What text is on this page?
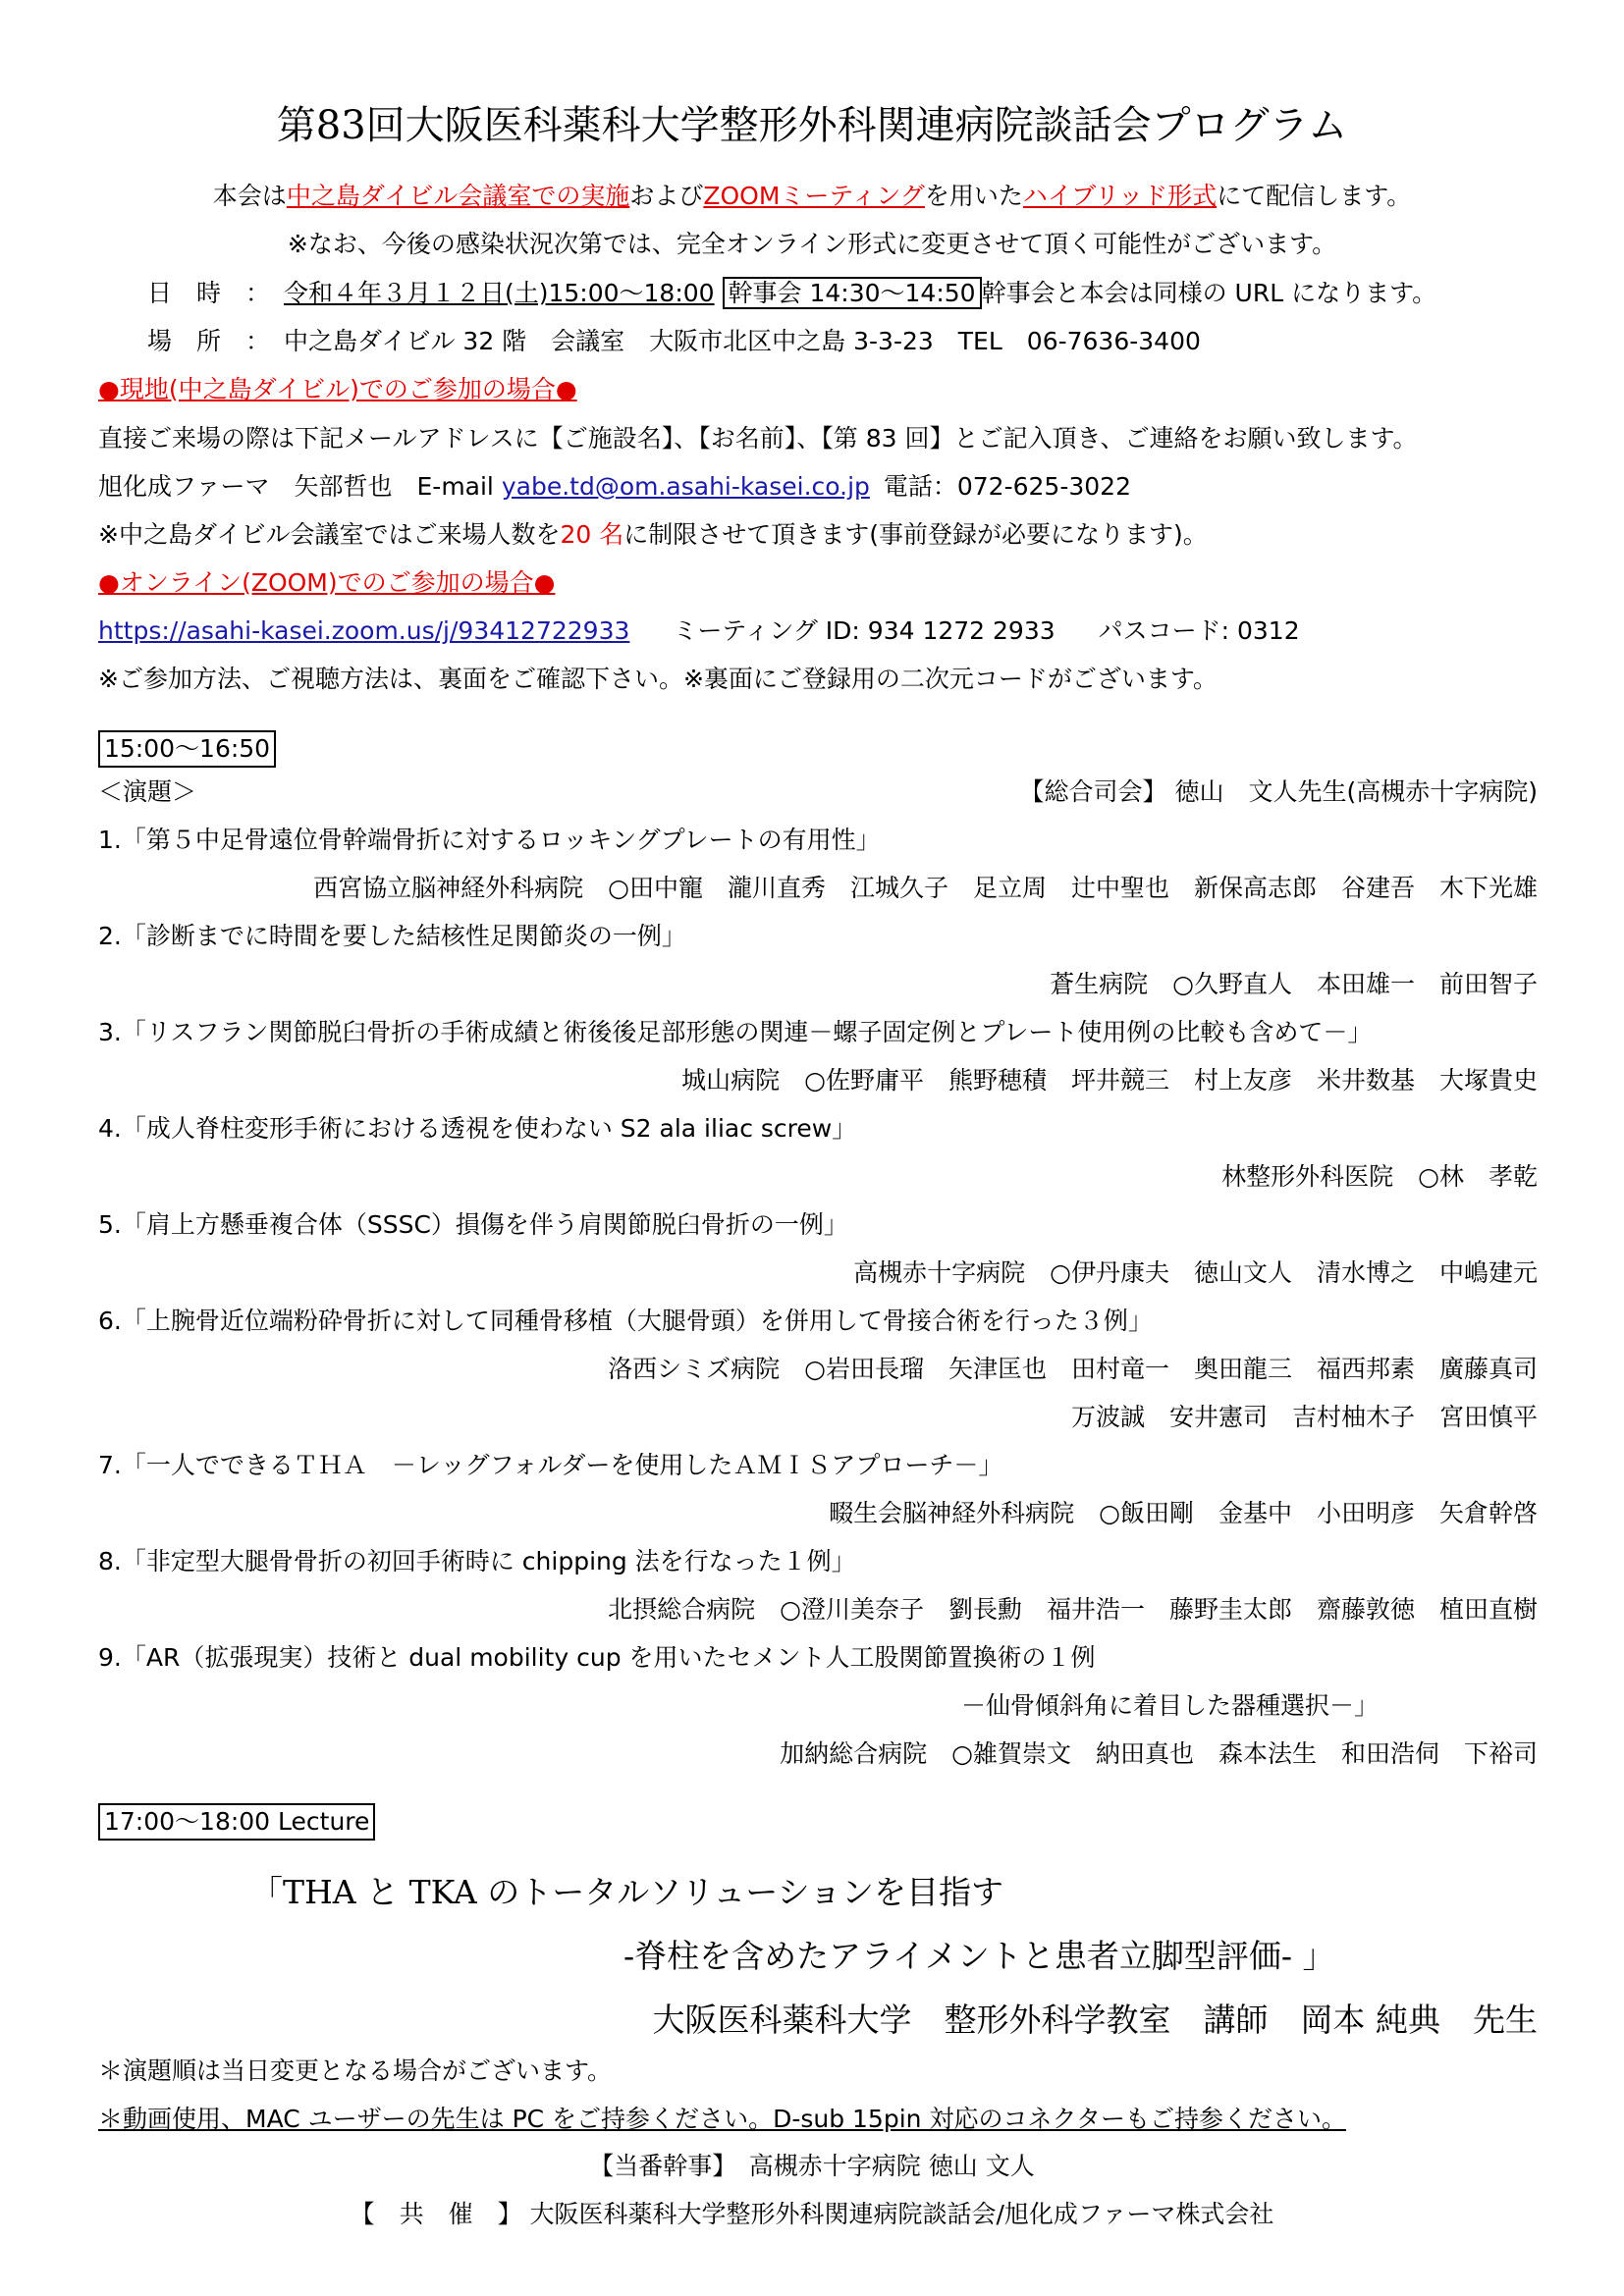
第83回大阪医科薬科大学整形外科関連病院談話会プログラム
本会は中之島ダイビル会議室での実施およびZOOMミーティングを用いたハイブリッド形式にて配信します。
※なお、今後の感染状況次第では、完全オンライン形式に変更させて頂く可能性がございます。
日　時　： 令和４年３月１２日(土)15:00〜18:00 幹事会 14:30〜14:50 幹事会と本会は同様の URL になります。
場　所　： 中之島ダイビル 32 階　会議室　大阪市北区中之島 3-3-23　TEL　06-7636-3400
●現地(中之島ダイビル)でのご参加の場合●
直接ご来場の際は下記メールアドレスに【ご施設名】、【お名前】、【第 83 回】とご記入頂き、ご連絡をお願い致します。
旭化成ファーマ　矢部哲也　E-mail yabe.td@om.asahi-kasei.co.jp 電話：072-625-3022
※中之島ダイビル会議室ではご来場人数を20 名に制限させて頂きます(事前登録が必要になります)。
●オンライン(ZOOM)でのご参加の場合●
https://asahi-kasei.zoom.us/j/93412722933 ミーティング ID: 934 1272 2933 パスコード: 0312
※ご参加方法、ご視聴方法は、裏面をご確認下さい。※裏面にご登録用の二次元コードがございます。
15:00〜16:50
＜演題＞	【総合司会】 徳山　文人先生(高槻赤十字病院)
1.「第５中足骨遠位骨幹端骨折に対するロッキングプレートの有用性」
西宮協立脳神経外科病院　○田中寵　瀧川直秀　江城久子　足立周　辻中聖也　新保高志郎　谷建吾　木下光雄
2.「診断までに時間を要した結核性足関節炎の一例」
蒼生病院　○久野直人　本田雄一　前田智子
3.「リスフラン関節脱臼骨折の手術成績と術後後足部形態の関連－螺子固定例とプレート使用例の比較も含めて－」
城山病院　○佐野庸平　熊野穂積　坪井競三　村上友彦　米井数基　大塚貴史
4.「成人脊柱変形手術における透視を使わない S2 ala iliac screw」
林整形外科医院　○林　孝乾
5.「肩上方懸垂複合体（SSSC）損傷を伴う肩関節脱臼骨折の一例」
高槻赤十字病院　○伊丹康夫　徳山文人　清水博之　中嶋建元
6.「上腕骨近位端粉砕骨折に対して同種骨移植（大腿骨頭）を併用して骨接合術を行った３例」
洛西シミズ病院　○岩田長瑠　矢津匡也　田村竜一　奥田龍三　福西邦素　廣藤真司
万波誠　安井憲司　吉村柚木子　宮田慎平
7.「一人でできるＴＨＡ　－レッグフォルダーを使用したＡＭＩＳアプローチ－」
畷生会脳神経外科病院　○飯田剛　金基中　小田明彦　矢倉幹啓
8.「非定型大腿骨骨折の初回手術時に chipping 法を行なった１例」
北摂総合病院　○澄川美奈子　劉長勳　福井浩一　藤野圭太郎　齋藤敦徳　植田直樹
9.「AR（拡張現実）技術と dual mobility cup を用いたセメント人工股関節置換術の１例
－仙骨傾斜角に着目した器種選択－」
加納総合病院　○雑賀崇文　納田真也　森本法生　和田浩伺　下裕司
17:00〜18:00 Lecture
「THA と TKA のトータルソリューションを目指す
-脊柱を含めたアライメントと患者立脚型評価- 」
大阪医科薬科大学　整形外科学教室　講師　岡本 純典　先生
＊演題順は当日変更となる場合がございます。
＊動画使用、MAC ユーザーの先生は PC をご持参ください。D-sub 15pin 対応のコネクターもご持参ください。
【当番幹事】　高槻赤十字病院 徳山 文人
【　共　催　】 大阪医科薬科大学整形外科関連病院談話会/旭化成ファーマ株式会社
